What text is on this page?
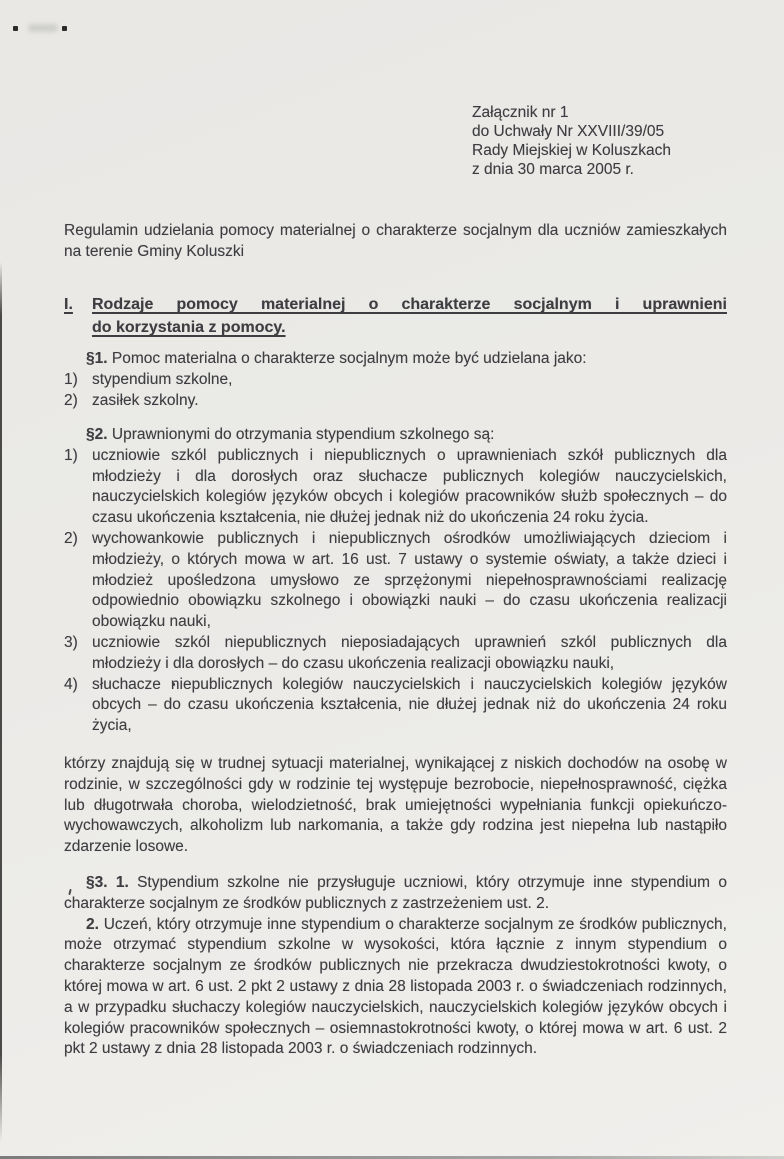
Załącznik nr 1
do Uchwały Nr XXVIII/39/05
Rady Miejskiej w Koluszkach
z dnia 30 marca 2005 r.

Regulamin udzielania pomocy materialnej o charakterze socjalnym dla uczniów zamieszkałych na terenie Gminy Koluszki

I.	Rodzaje pomocy materialnej o charakterze socjalnym i uprawnieni
do korzystania z pomocy.

§1. Pomoc materialna o charakterze socjalnym może być udzielana jako:

1) stypendium szkolne,
2) zasiłek szkolny.

§2. Uprawnionymi do otrzymania stypendium szkolnego są:

1) uczniowie szkól publicznych i niepublicznych o uprawnieniach szkół publicznych dla młodzieży i dla dorosłych oraz słuchacze publicznych kolegiów nauczycielskich, nauczycielskich kolegiów języków obcych i kolegiów pracowników służb społecznych – do czasu ukończenia kształcenia, nie dłużej jednak niż do ukończenia 24 roku życia.
2) wychowankowie publicznych i niepublicznych ośrodków umożliwiających dzieciom i młodzieży, o których mowa w art. 16 ust. 7 ustawy o systemie oświaty, a także dzieci i młodzież upośledzona umysłowo ze sprzężonymi niepełnosprawnościami realizację odpowiednio obowiązku szkolnego i obowiązki nauki – do czasu ukończenia realizacji obowiązku nauki,
3) uczniowie szkól niepublicznych nieposiadających uprawnień szkól publicznych dla młodzieży i dla dorosłych – do czasu ukończenia realizacji obowiązku nauki,
4) słuchacze niepublicznych kolegiów nauczycielskich i nauczycielskich kolegiów języków obcych – do czasu ukończenia kształcenia, nie dłużej jednak niż do ukończenia 24 roku życia,

którzy znajdują się w trudnej sytuacji materialnej, wynikającej z niskich dochodów na osobę w rodzinie, w szczególności gdy w rodzinie tej występuje bezrobocie, niepełnosprawność, ciężka lub długotrwała choroba, wielodzietność, brak umiejętności wypełniania funkcji opiekuńczo-wychowawczych, alkoholizm lub narkomania, a także gdy rodzina jest niepełna lub nastąpiło zdarzenie losowe.

§3. 1. Stypendium szkolne nie przysługuje uczniowi, który otrzymuje inne stypendium o charakterze socjalnym ze środków publicznych z zastrzeżeniem ust. 2.

2. Uczeń, który otrzymuje inne stypendium o charakterze socjalnym ze środków publicznych, może otrzymać stypendium szkolne w wysokości, która łącznie z innym stypendium o charakterze socjalnym ze środków publicznych nie przekracza dwudziestokrotności kwoty, o której mowa w art. 6 ust. 2 pkt 2 ustawy z dnia 28 listopada 2003 r. o świadczeniach rodzinnych, a w przypadku słuchaczy kolegiów nauczycielskich, nauczycielskich kolegiów języków obcych i kolegiów pracowników społecznych – osiemnastokrotności kwoty, o której mowa w art. 6 ust. 2 pkt 2 ustawy z dnia 28 listopada 2003 r. o świadczeniach rodzinnych.
